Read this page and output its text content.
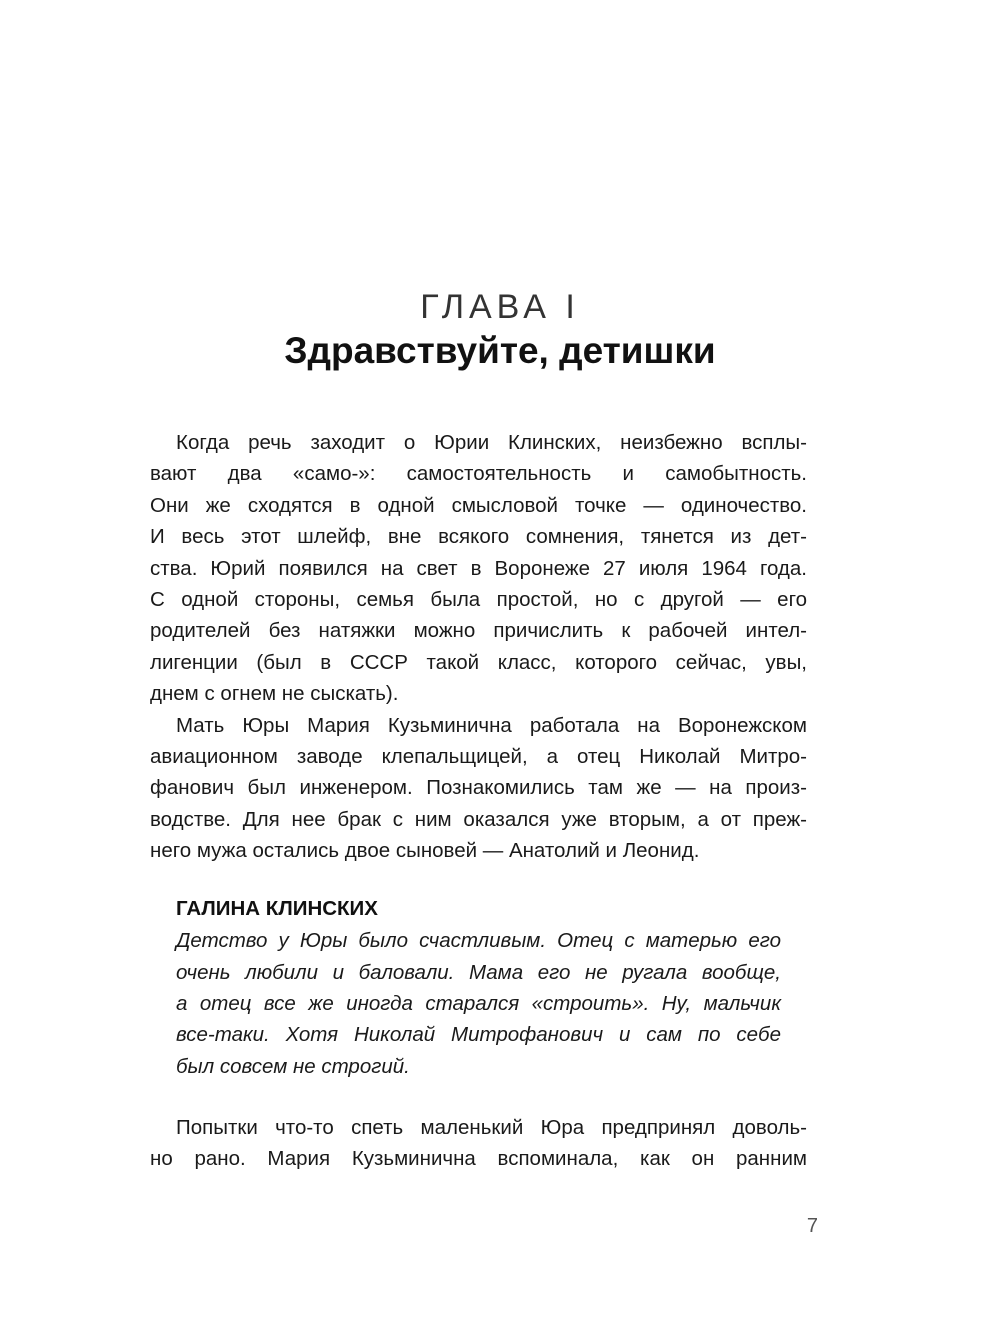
ГЛАВА I
Здравствуйте, детишки
Когда речь заходит о Юрии Клинских, неизбежно всплы-
вают два «само-»: самостоятельность и самобытность.
Они же сходятся в одной смысловой точке — одиночество.
И весь этот шлейф, вне всякого сомнения, тянется из дет-
ства. Юрий появился на свет в Воронеже 27 июля 1964 года.
С одной стороны, семья была простой, но с другой — его
родителей без натяжки можно причислить к рабочей интел-
лигенции (был в СССР такой класс, которого сейчас, увы,
днем с огнем не сыскать).
Мать Юры Мария Кузьминична работала на Воронежском
авиационном заводе клепальщицей, а отец Николай Митро-
фанович был инженером. Познакомились там же — на произ-
водстве. Для нее брак с ним оказался уже вторым, а от преж-
него мужа остались двое сыновей — Анатолий и Леонид.
ГАЛИНА КЛИНСКИХ
Детство у Юры было счастливым. Отец с матерью его
очень любили и баловали. Мама его не ругала вообще,
а отец все же иногда старался «строить». Ну, мальчик
все-таки. Хотя Николай Митрофанович и сам по себе
был совсем не строгий.
Попытки что-то спеть маленький Юра предпринял доволь-
но рано. Мария Кузьминична вспоминала, как он ранним
7
